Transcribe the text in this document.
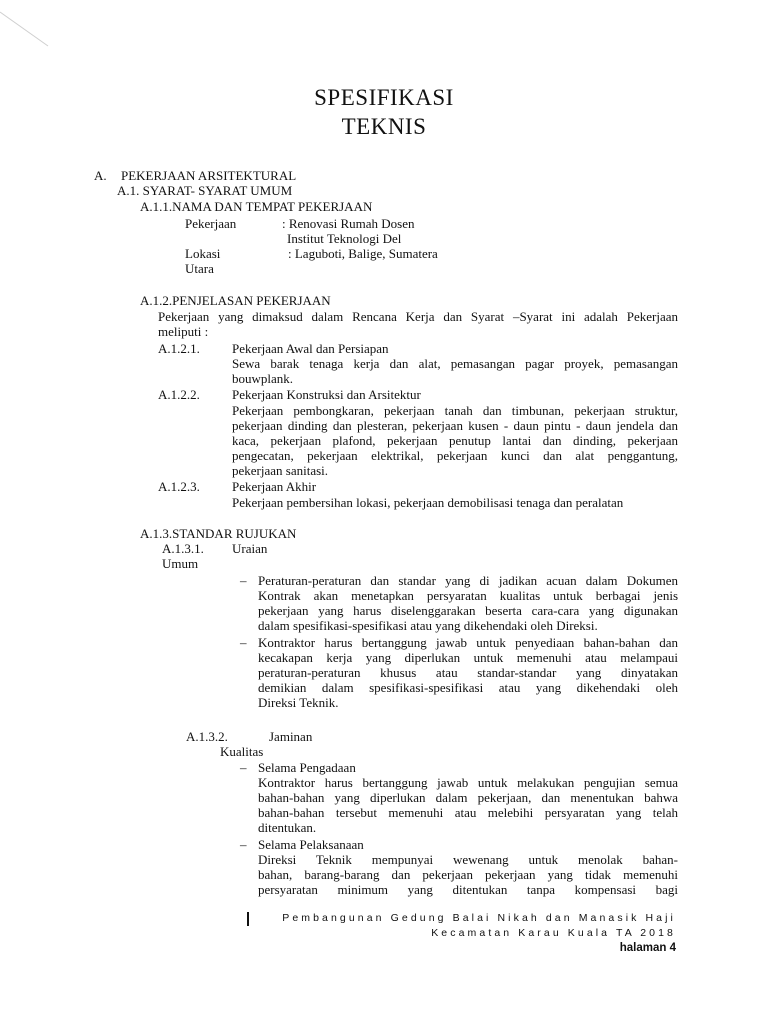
SPESIFIKASI
TEKNIS
A. PEKERJAAN ARSITEKTURAL
A.1. SYARAT- SYARAT UMUM
A.1.1.NAMA DAN TEMPAT PEKERJAAN
Pekerjaan	: Renovasi Rumah Dosen
Institut Teknologi Del
Lokasi	: Laguboti, Balige, Sumatera
Utara
A.1.2.PENJELASAN PEKERJAAN
Pekerjaan yang dimaksud dalam Rencana Kerja dan Syarat –Syarat ini adalah Pekerjaan
meliputi :
A.1.2.1. Pekerjaan Awal dan Persiapan
Sewa barak tenaga kerja dan alat, pemasangan pagar proyek, pemasangan
bouwplank.
A.1.2.2. Pekerjaan Konstruksi dan Arsitektur
Pekerjaan pembongkaran, pekerjaan tanah dan timbunan, pekerjaan struktur,
pekerjaan dinding dan plesteran, pekerjaan kusen - daun pintu - daun jendela dan
kaca, pekerjaan plafond, pekerjaan penutup lantai dan dinding, pekerjaan
pengecatan, pekerjaan elektrikal, pekerjaan kunci dan alat penggantung,
pekerjaan sanitasi.
A.1.2.3. Pekerjaan Akhir
Pekerjaan pembersihan lokasi, pekerjaan demobilisasi tenaga dan peralatan
A.1.3.STANDAR RUJUKAN
A.1.3.1. Uraian
Umum
– Peraturan-peraturan dan standar yang di jadikan acuan dalam Dokumen
Kontrak akan menetapkan persyaratan kualitas untuk berbagai jenis
pekerjaan yang harus diselenggarakan beserta cara-cara yang digunakan
dalam spesifikasi-spesifikasi atau yang dikehendaki oleh Direksi.
– Kontraktor harus bertanggung jawab untuk penyediaan bahan-bahan dan
kecakapan kerja yang diperlukan untuk memenuhi atau melampaui
peraturan-peraturan khusus atau standar-standar yang dinyatakan
demikian dalam spesifikasi-spesifikasi atau yang dikehendaki oleh
Direksi Teknik.
A.1.3.2.	Jaminan
Kualitas
– Selama Pengadaan
Kontraktor harus bertanggung jawab untuk melakukan pengujian semua
bahan-bahan yang diperlukan dalam pekerjaan, dan menentukan bahwa
bahan-bahan tersebut memenuhi atau melebihi persyaratan yang telah
ditentukan.
– Selama Pelaksanaan
Direksi Teknik mempunyai wewenang untuk menolak bahan-
bahan, barang-barang dan pekerjaan pekerjaan yang tidak memenuhi
persyaratan minimum yang ditentukan tanpa kompensasi bagi
Pembangunan Gedung Balai Nikah dan Manasik Haji
Kecamatan Karau Kuala TA 2018
halaman 4
